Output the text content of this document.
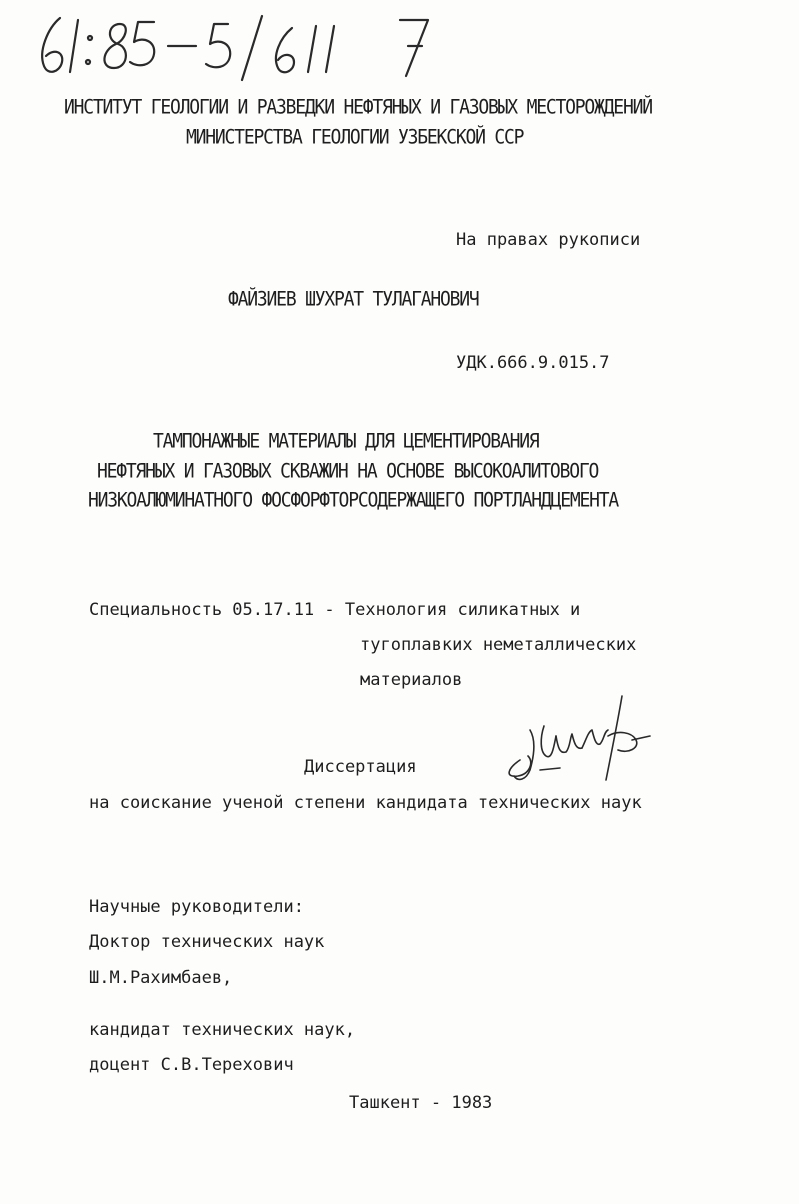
ИНСТИТУТ ГЕОЛОГИИ И РАЗВЕДКИ НЕФТЯНЫХ И ГАЗОВЫХ МЕСТОРОЖДЕНИЙ
МИНИСТЕРСТВА ГЕОЛОГИИ УЗБЕКСКОЙ ССР
На правах рукописи
ФАЙЗИЕВ ШУХРАТ ТУЛАГАНОВИЧ
УДК.666.9.015.7
ТАМПОНАЖНЫЕ МАТЕРИАЛЫ ДЛЯ ЦЕМЕНТИРОВАНИЯ
НЕФТЯНЫХ И ГАЗОВЫХ СКВАЖИН НА ОСНОВЕ ВЫСОКОАЛИТОВОГО
НИЗКОАЛЮМИНАТНОГО ФОСФОРФТОРСОДЕРЖАЩЕГО ПОРТЛАНДЦЕМЕНТА
Специальность 05.17.11 - Технология силикатных и
тугоплавких неметаллических
материалов
Диссертация
на соискание ученой степени кандидата технических наук
Научные руководители:
Доктор технических наук
Ш.М.Рахимбаев,
кандидат технических наук,
доцент С.В.Терехович
Ташкент - 1983
